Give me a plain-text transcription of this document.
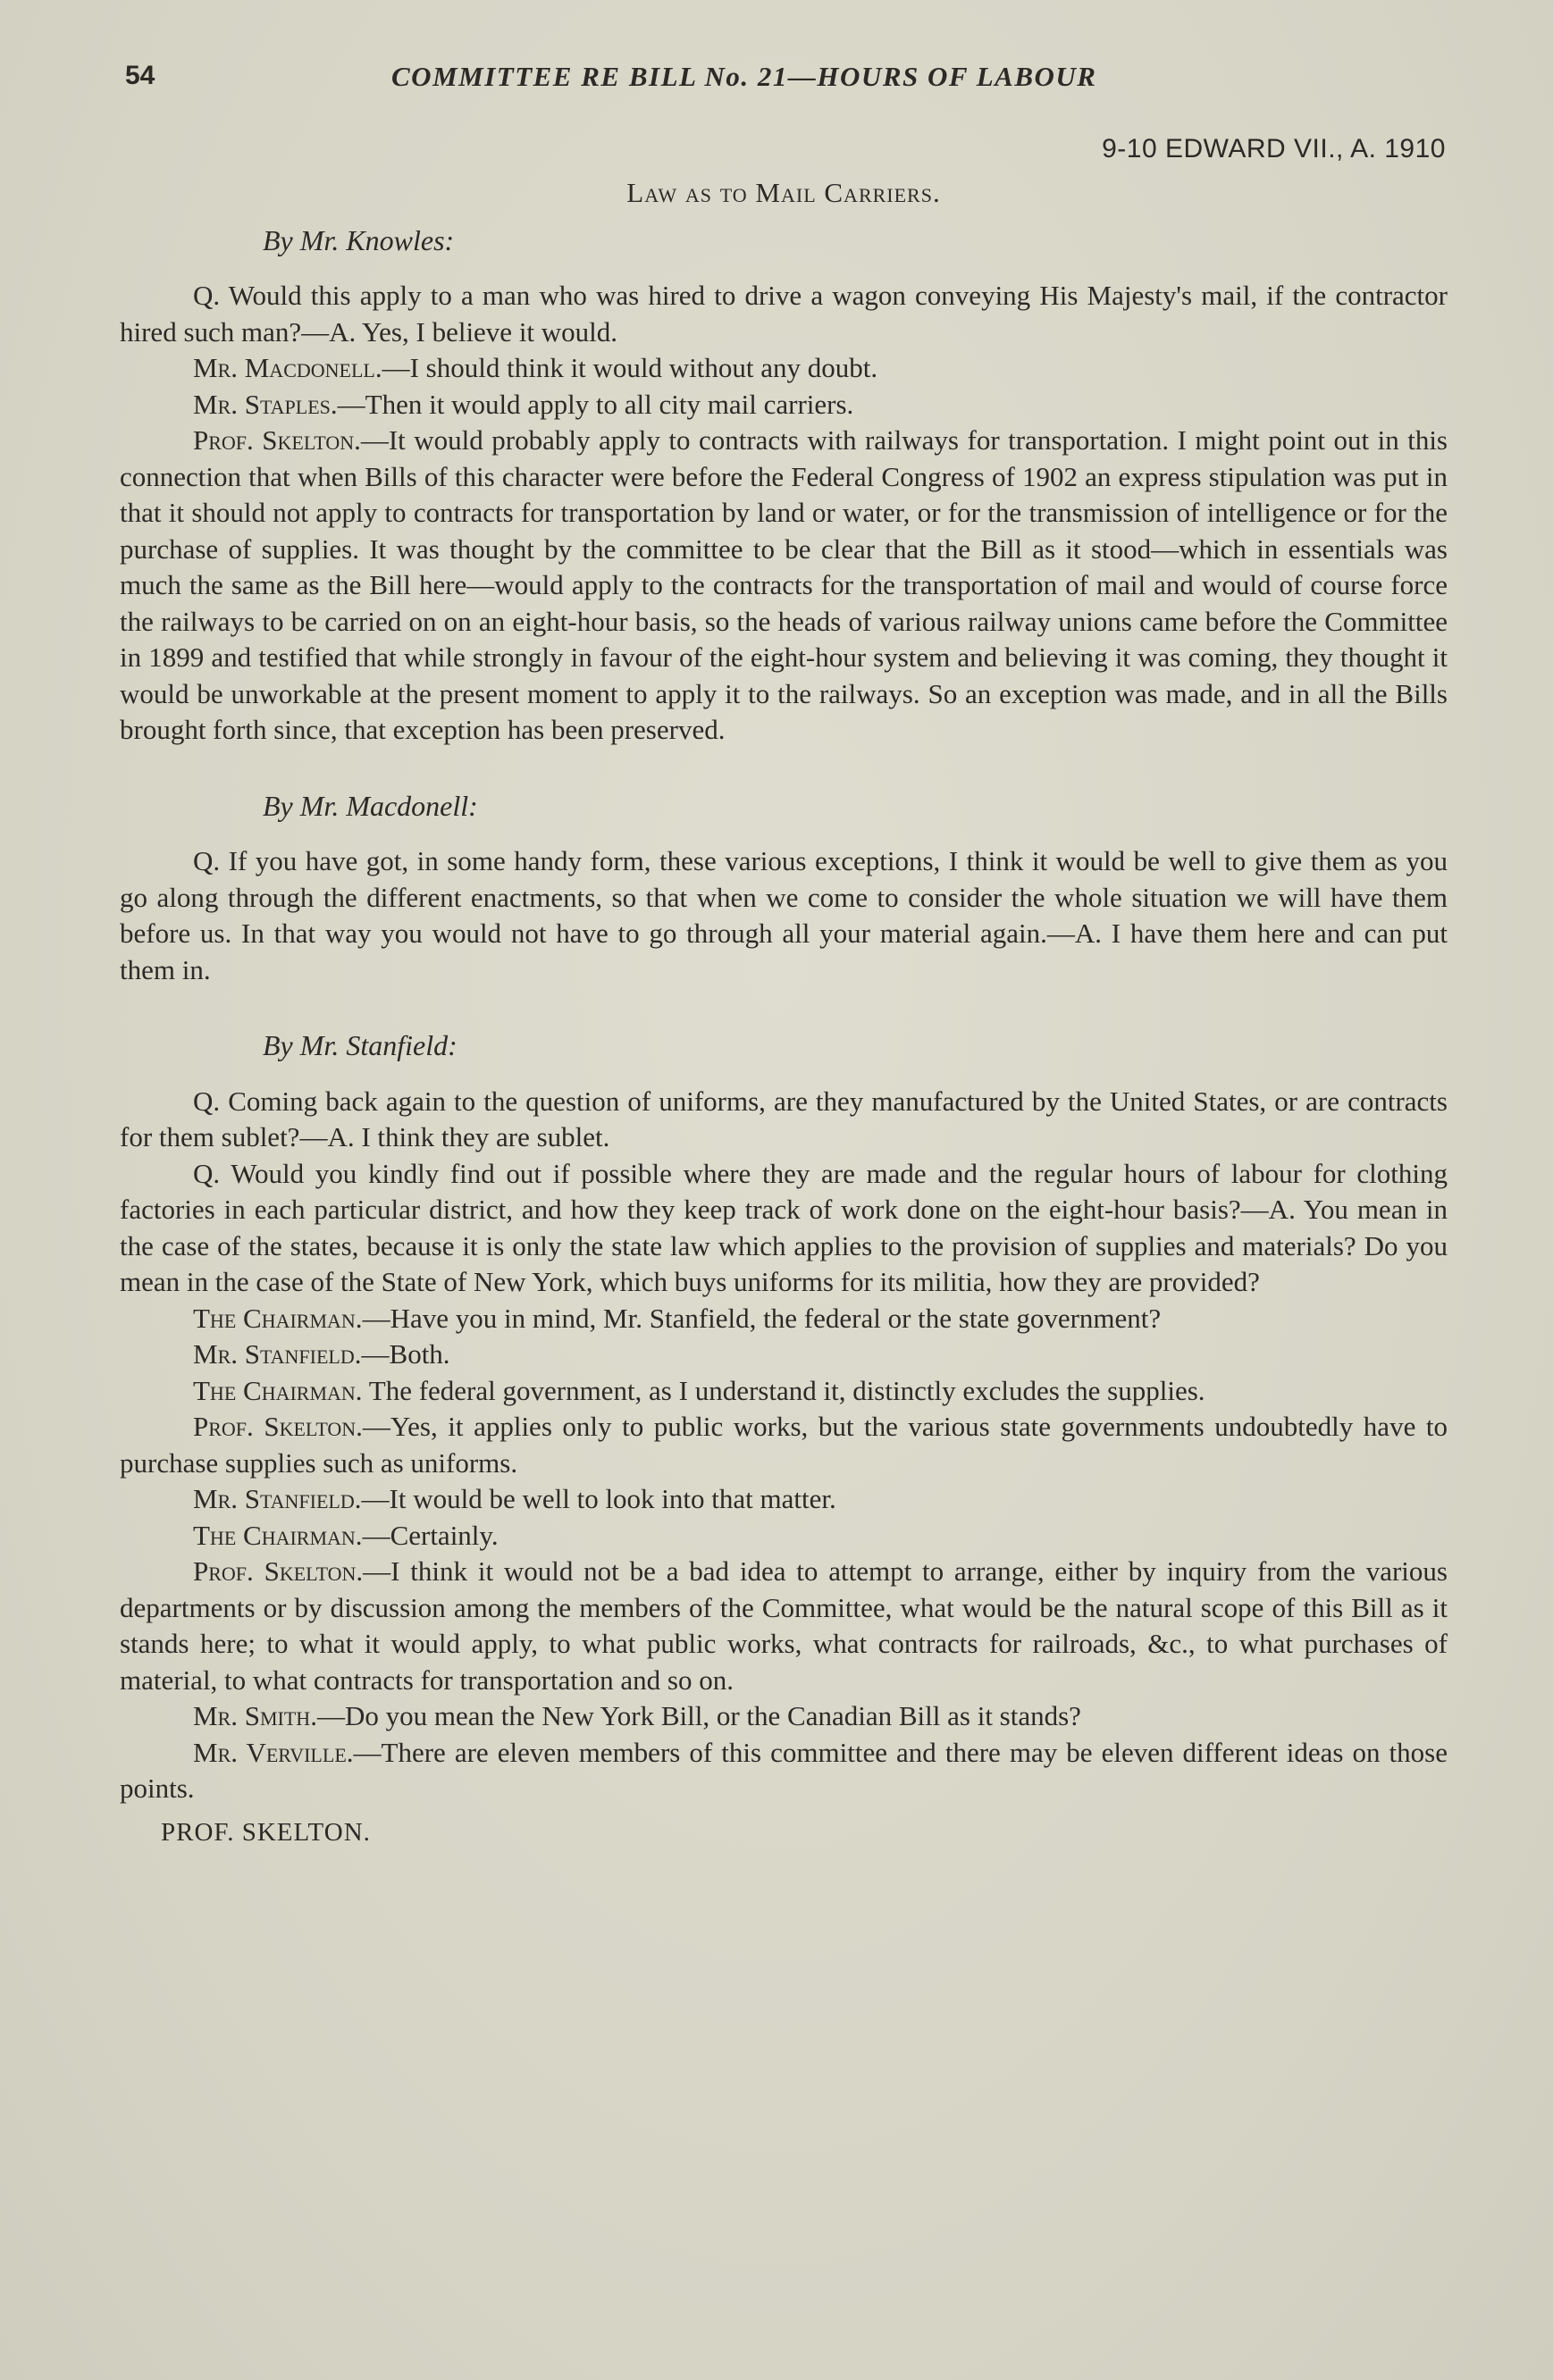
54	COMMITTEE RE BILL No. 21—HOURS OF LABOUR
9-10 EDWARD VII., A. 1910
Law as to Mail Carriers.
By Mr. Knowles:

Q. Would this apply to a man who was hired to drive a wagon conveying His Majesty's mail, if the contractor hired such man?—A. Yes, I believe it would.

Mr. Macdonell.—I should think it would without any doubt.

Mr. Staples.—Then it would apply to all city mail carriers.

Prof. Skelton.—It would probably apply to contracts with railways for transportation. I might point out in this connection that when Bills of this character were before the Federal Congress of 1902 an express stipulation was put in that it should not apply to contracts for transportation by land or water, or for the transmission of intelligence or for the purchase of supplies. It was thought by the committee to be clear that the Bill as it stood—which in essentials was much the same as the Bill here—would apply to the contracts for the transportation of mail and would of course force the railways to be carried on on an eight-hour basis, so the heads of various railway unions came before the Committee in 1899 and testified that while strongly in favour of the eight-hour system and believing it was coming, they thought it would be unworkable at the present moment to apply it to the railways. So an exception was made, and in all the Bills brought forth since, that exception has been preserved.

By Mr. Macdonell:

Q. If you have got, in some handy form, these various exceptions, I think it would be well to give them as you go along through the different enactments, so that when we come to consider the whole situation we will have them before us. In that way you would not have to go through all your material again.—A. I have them here and can put them in.

By Mr. Stanfield:

Q. Coming back again to the question of uniforms, are they manufactured by the United States, or are contracts for them sublet?—A. I think they are sublet.

Q. Would you kindly find out if possible where they are made and the regular hours of labour for clothing factories in each particular district, and how they keep track of work done on the eight-hour basis?—A. You mean in the case of the states, because it is only the state law which applies to the provision of supplies and materials? Do you mean in the case of the State of New York, which buys uniforms for its militia, how they are provided?

The Chairman.—Have you in mind, Mr. Stanfield, the federal or the state government?

Mr. Stanfield.—Both.

The Chairman. The federal government, as I understand it, distinctly excludes the supplies.

Prof. Skelton.—Yes, it applies only to public works, but the various state governments undoubtedly have to purchase supplies such as uniforms.

Mr. Stanfield.—It would be well to look into that matter.

The Chairman.—Certainly.

Prof. Skelton.—I think it would not be a bad idea to attempt to arrange, either by inquiry from the various departments or by discussion among the members of the Committee, what would be the natural scope of this Bill as it stands here; to what it would apply, to what public works, what contracts for railroads, &c., to what purchases of material, to what contracts for transportation and so on.

Mr. Smith.—Do you mean the New York Bill, or the Canadian Bill as it stands?

Mr. Verville.—There are eleven members of this committee and there may be eleven different ideas on those points.

PROF. SKELTON.
